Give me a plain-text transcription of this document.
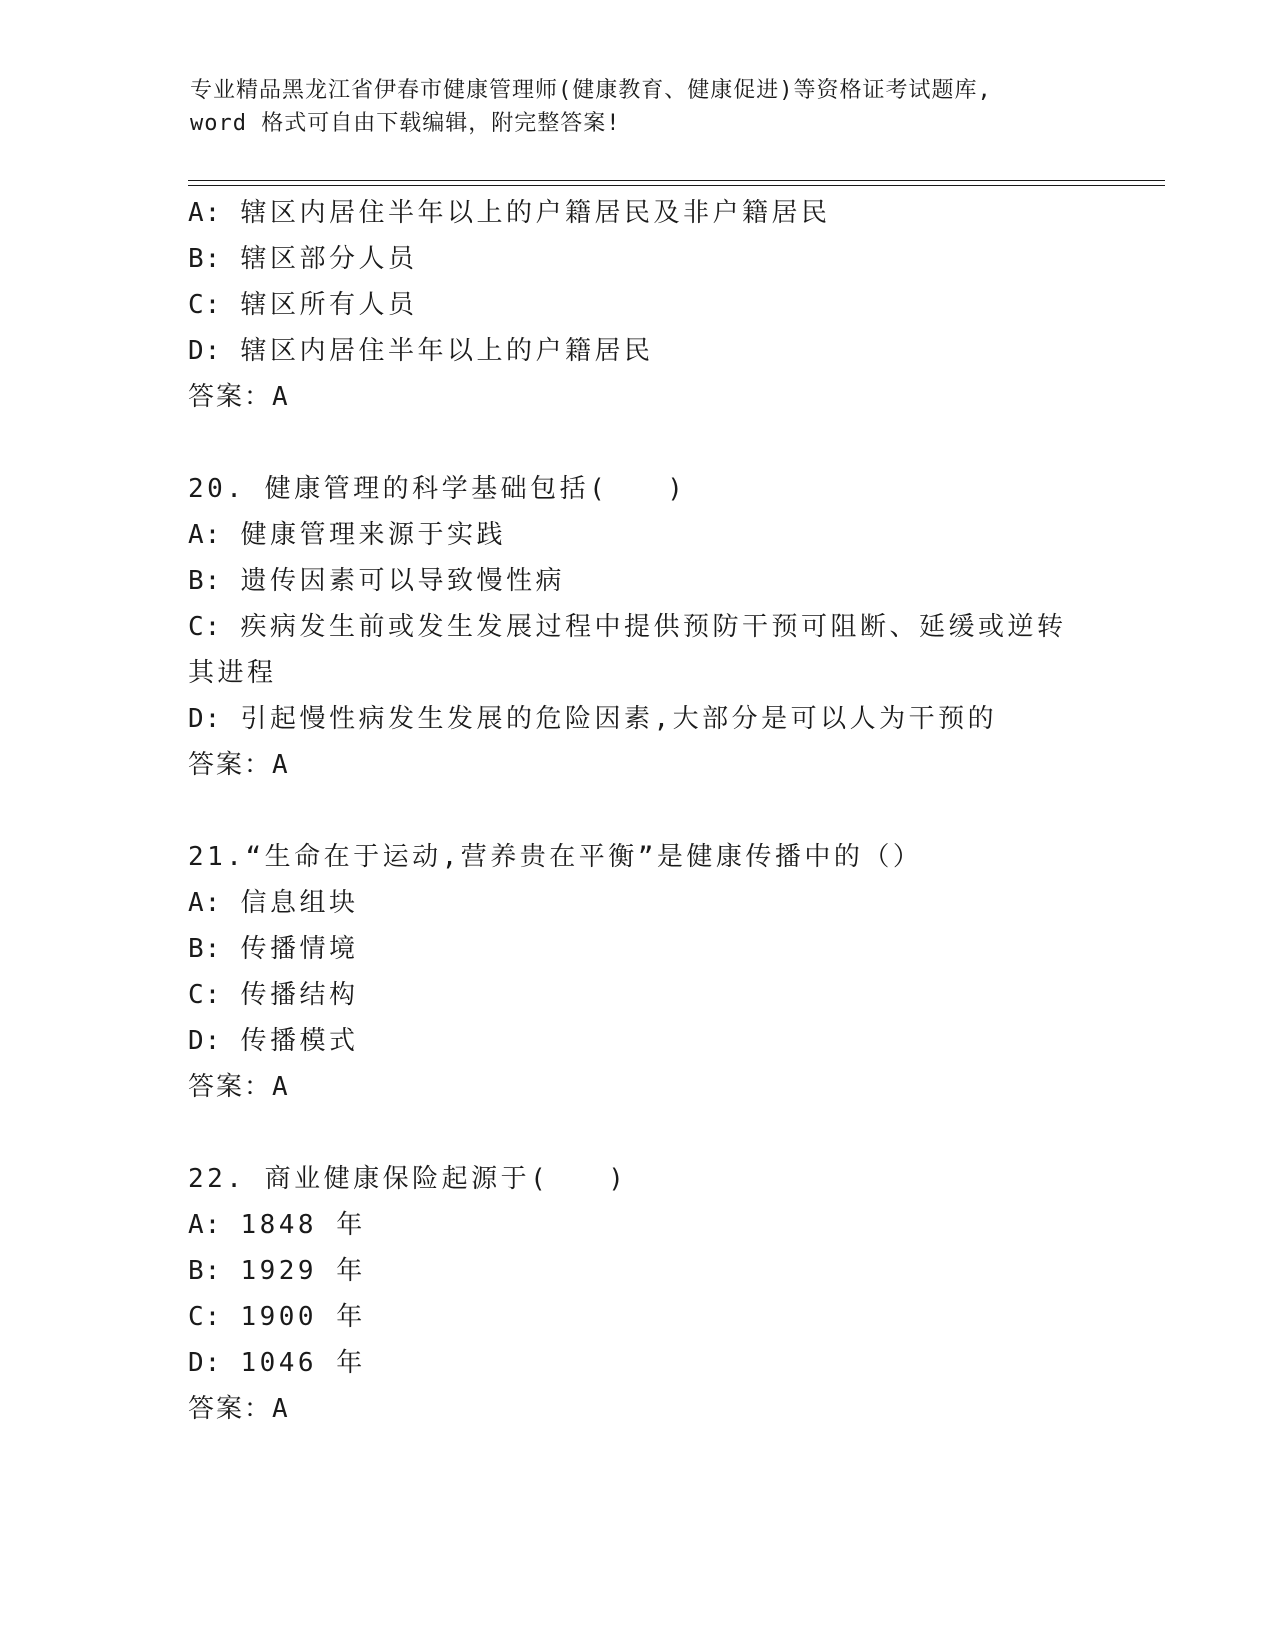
专业精品黑龙江省伊春市健康管理师(健康教育、健康促进)等资格证考试题库,
word 格式可自由下载编辑，附完整答案!
A: 辖区内居住半年以上的户籍居民及非户籍居民
B: 辖区部分人员
C: 辖区所有人员
D: 辖区内居住半年以上的户籍居民
答案：A
20. 健康管理的科学基础包括(　　)
A: 健康管理来源于实践
B: 遗传因素可以导致慢性病
C: 疾病发生前或发生发展过程中提供预防干预可阻断、延缓或逆转其进程
D: 引起慢性病发生发展的危险因素,大部分是可以人为干预的
答案：A
21.“生命在于运动,营养贵在平衡”是健康传播中的（）
A: 信息组块
B: 传播情境
C: 传播结构
D: 传播模式
答案：A
22. 商业健康保险起源于(　　)
A: 1848 年
B: 1929 年
C: 1900 年
D: 1046 年
答案：A
